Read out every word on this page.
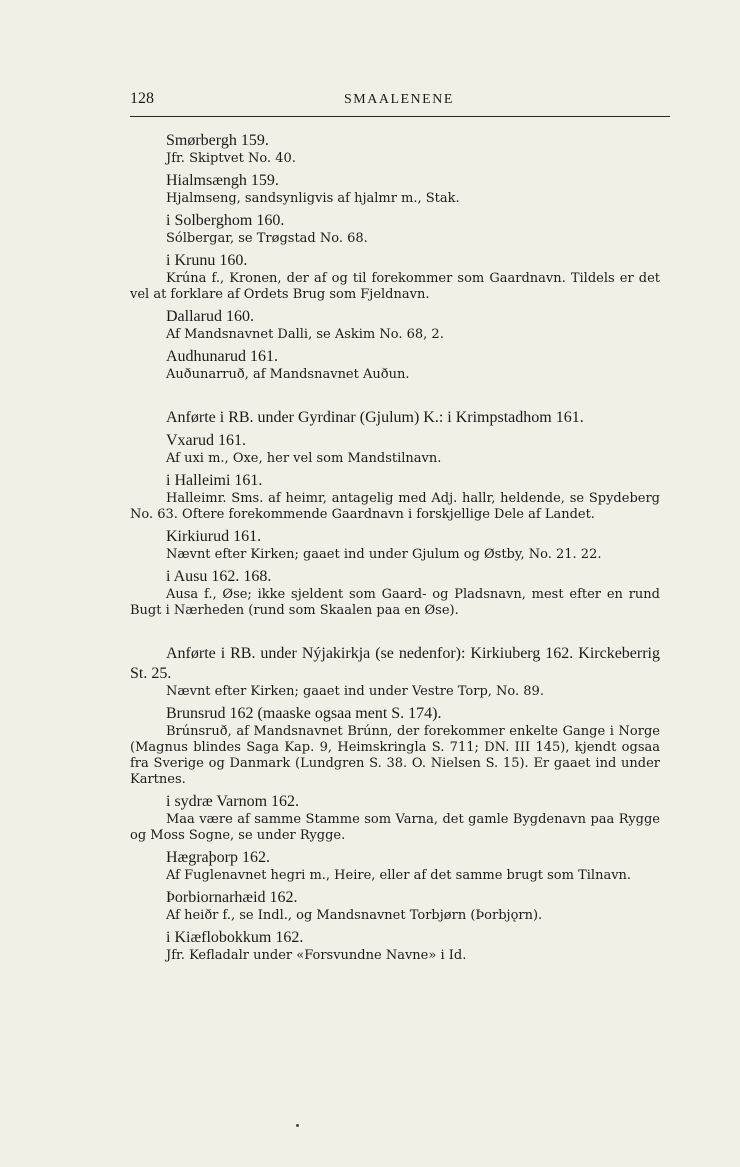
128	SMAALENENE
Smørbergh 159.
Jfr. Skiptvet No. 40.
Hialmsængh 159.
Hjalmseng, sandsynligvis af hjalmr m., Stak.
i Solberghom 160.
Sólbergar, se Trøgstad No. 68.
i Krunu 160.
Krúna f., Kronen, der af og til forekommer som Gaardnavn. Tildels er det vel at forklare af Ordets Brug som Fjeldnavn.
Dallarud 160.
Af Mandsnavnet Dalli, se Askim No. 68, 2.
Audhunarud 161.
Auðunarruð, af Mandsnavnet Auðun.
Anførte i RB. under Gyrdinar (Gjulum) K.: i Krimpstadhom 161.
Vxarud 161.
Af uxi m., Oxe, her vel som Mandstilnavn.
i Halleimi 161.
Halleimr. Sms. af heimr, antagelig med Adj. hallr, heldende, se Spydeberg No. 63. Oftere forekommende Gaardnavn i forskjellige Dele af Landet.
Kirkiurud 161.
Nævnt efter Kirken; gaaet ind under Gjulum og Østby, No. 21. 22.
i Ausu 162. 168.
Ausa f., Øse; ikke sjeldent som Gaard- og Pladsnavn, mest efter en rund Bugt i Nærheden (rund som Skaalen paa en Øse).
Anførte i RB. under Nýjakirkja (se nedenfor): Kirkiuberg 162. Kirckeberrig St. 25.
Nævnt efter Kirken; gaaet ind under Vestre Torp, No. 89.
Brunsrud 162 (maaske ogsaa ment S. 174).
Brúnsruð, af Mandsnavnet Brúnn, der forekommer enkelte Gange i Norge (Magnus blindes Saga Kap. 9, Heimskringla S. 711; DN. III 145), kjendt ogsaa fra Sverige og Danmark (Lundgren S. 38. O. Nielsen S. 15). Er gaaet ind under Kartnes.
i sydræ Varnom 162.
Maa være af samme Stamme som Varna, det gamle Bygdenavn paa Rygge og Moss Sogne, se under Rygge.
Hægraþorp 162.
Af Fuglenavnet hegri m., Heire, eller af det samme brugt som Tilnavn.
Þorbiornarhæid 162.
Af heiðr f., se Indl., og Mandsnavnet Torbjørn (Þorbjǫrn).
i Kiæflobokkum 162.
Jfr. Kefladalr under «Forsvundne Navne» i Id.
